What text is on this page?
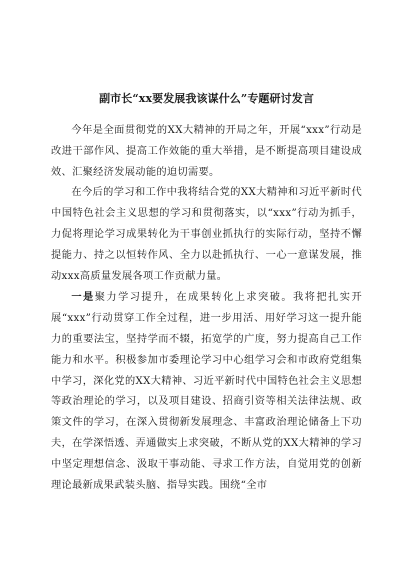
副市长“xx要发展我该谋什么”专题研讨发言

今年是全面贯彻党的XX大精神的开局之年，开展“xxx”行动是改进干部作风、提高工作效能的重大举措，是不断提高项目建设成效、汇聚经济发展动能的迫切需要。

在今后的学习和工作中我将结合党的XX大精神和习近平新时代中国特色社会主义思想的学习和贯彻落实，以“xxx”行动为抓手，力促将理论学习成果转化为干事创业抓执行的实际行动，坚持不懈提能力、持之以恒转作风、全力以赴抓执行、一心一意谋发展，推动xxx高质量发展各项工作贡献力量。

一是聚力学习提升，在成果转化上求突破。我将把扎实开展“xxx”行动贯穿工作全过程，进一步用活、用好学习这一提升能力的重要法宝，坚持学而不辍，拓宽学的广度，努力提高自己工作能力和水平。积极参加市委理论学习中心组学习会和市政府党组集中学习，深化党的XX大精神、习近平新时代中国特色社会主义思想等政治理论的学习，以及项目建设、招商引资等相关法律法规、政策文件的学习，在深入贯彻新发展理念、丰富政治理论储备上下功夫，在学深悟透、弄通做实上求突破，不断从党的XX大精神的学习中坚定理想信念、汲取干事动能、寻求工作方法，自觉用党的创新理论最新成果武装头脑、指导实践。围绕“全市
